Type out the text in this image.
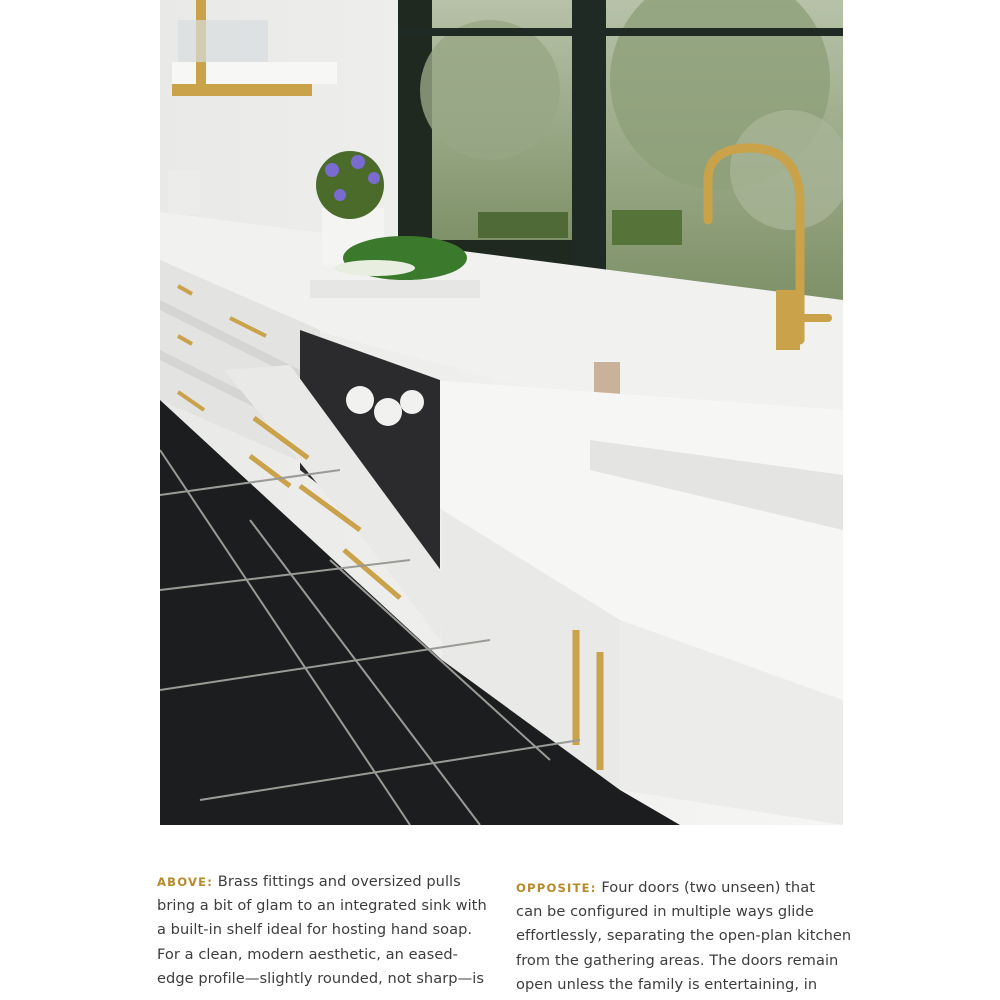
ABOVE: Brass fittings and oversized pulls
bring a bit of glam to an integrated sink with
a built-in shelf ideal for hosting hand soap.
For a clean, modern aesthetic, an eased-
edge profile—slightly rounded, not sharp—is
OPPOSITE: Four doors (two unseen) that
can be configured in multiple ways glide
effortlessly, separating the open-plan kitchen
from the gathering areas. The doors remain
open unless the family is entertaining, in
